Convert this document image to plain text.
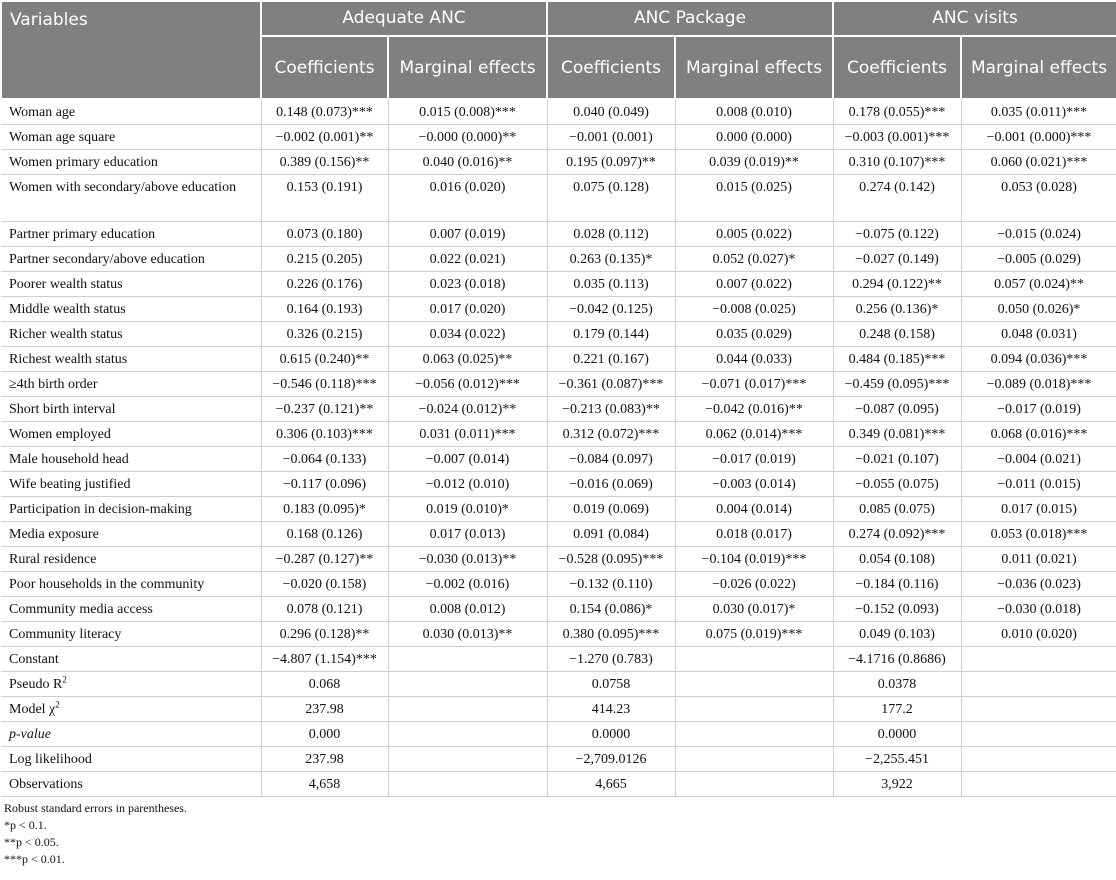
Variables	Adequate ANC		ANC Package		ANC visits	
	Coefficients	Marginal effects	Coefficients	Marginal effects	Coefficients	Marginal effects
Woman age	0.148 (0.073)***	0.015 (0.008)***	0.040 (0.049)	0.008 (0.010)	0.178 (0.055)***	0.035 (0.011)***
Woman age square	−0.002 (0.001)**	−0.000 (0.000)**	−0.001 (0.001)	0.000 (0.000)	−0.003 (0.001)***	−0.001 (0.000)***
Women primary education	0.389 (0.156)**	0.040 (0.016)**	0.195 (0.097)**	0.039 (0.019)**	0.310 (0.107)***	0.060 (0.021)***
Women with secondary/above education	0.153 (0.191)	0.016 (0.020)	0.075 (0.128)	0.015 (0.025)	0.274 (0.142)	0.053 (0.028)
Partner primary education	0.073 (0.180)	0.007 (0.019)	0.028 (0.112)	0.005 (0.022)	−0.075 (0.122)	−0.015 (0.024)
Partner secondary/above education	0.215 (0.205)	0.022 (0.021)	0.263 (0.135)*	0.052 (0.027)*	−0.027 (0.149)	−0.005 (0.029)
Poorer wealth status	0.226 (0.176)	0.023 (0.018)	0.035 (0.113)	0.007 (0.022)	0.294 (0.122)**	0.057 (0.024)**
Middle wealth status	0.164 (0.193)	0.017 (0.020)	−0.042 (0.125)	−0.008 (0.025)	0.256 (0.136)*	0.050 (0.026)*
Richer wealth status	0.326 (0.215)	0.034 (0.022)	0.179 (0.144)	0.035 (0.029)	0.248 (0.158)	0.048 (0.031)
Richest wealth status	0.615 (0.240)**	0.063 (0.025)**	0.221 (0.167)	0.044 (0.033)	0.484 (0.185)***	0.094 (0.036)***
≥4th birth order	−0.546 (0.118)***	−0.056 (0.012)***	−0.361 (0.087)***	−0.071 (0.017)***	−0.459 (0.095)***	−0.089 (0.018)***
Short birth interval	−0.237 (0.121)**	−0.024 (0.012)**	−0.213 (0.083)**	−0.042 (0.016)**	−0.087 (0.095)	−0.017 (0.019)
Women employed	0.306 (0.103)***	0.031 (0.011)***	0.312 (0.072)***	0.062 (0.014)***	0.349 (0.081)***	0.068 (0.016)***
Male household head	−0.064 (0.133)	−0.007 (0.014)	−0.084 (0.097)	−0.017 (0.019)	−0.021 (0.107)	−0.004 (0.021)
Wife beating justified	−0.117 (0.096)	−0.012 (0.010)	−0.016 (0.069)	−0.003 (0.014)	−0.055 (0.075)	−0.011 (0.015)
Participation in decision-making	0.183 (0.095)*	0.019 (0.010)*	0.019 (0.069)	0.004 (0.014)	0.085 (0.075)	0.017 (0.015)
Media exposure	0.168 (0.126)	0.017 (0.013)	0.091 (0.084)	0.018 (0.017)	0.274 (0.092)***	0.053 (0.018)***
Rural residence	−0.287 (0.127)**	−0.030 (0.013)**	−0.528 (0.095)***	−0.104 (0.019)***	0.054 (0.108)	0.011 (0.021)
Poor households in the community	−0.020 (0.158)	−0.002 (0.016)	−0.132 (0.110)	−0.026 (0.022)	−0.184 (0.116)	−0.036 (0.023)
Community media access	0.078 (0.121)	0.008 (0.012)	0.154 (0.086)*	0.030 (0.017)*	−0.152 (0.093)	−0.030 (0.018)
Community literacy	0.296 (0.128)**	0.030 (0.013)**	0.380 (0.095)***	0.075 (0.019)***	0.049 (0.103)	0.010 (0.020)
Constant	−4.807 (1.154)***		−1.270 (0.783)		−4.1716 (0.8686)	
Pseudo $R^2$	0.068		0.0758		0.0378	
Model $\chi^2$	237.98		414.23		177.2	
p-value	0.000		0.0000		0.0000	
Log likelihood	237.98		−2,709.0126		−2,255.451	
Observations	4,658		4,665		3,922	
Robust standard errors in parentheses.
*p < 0.1.
**p < 0.05.
***p < 0.01.
